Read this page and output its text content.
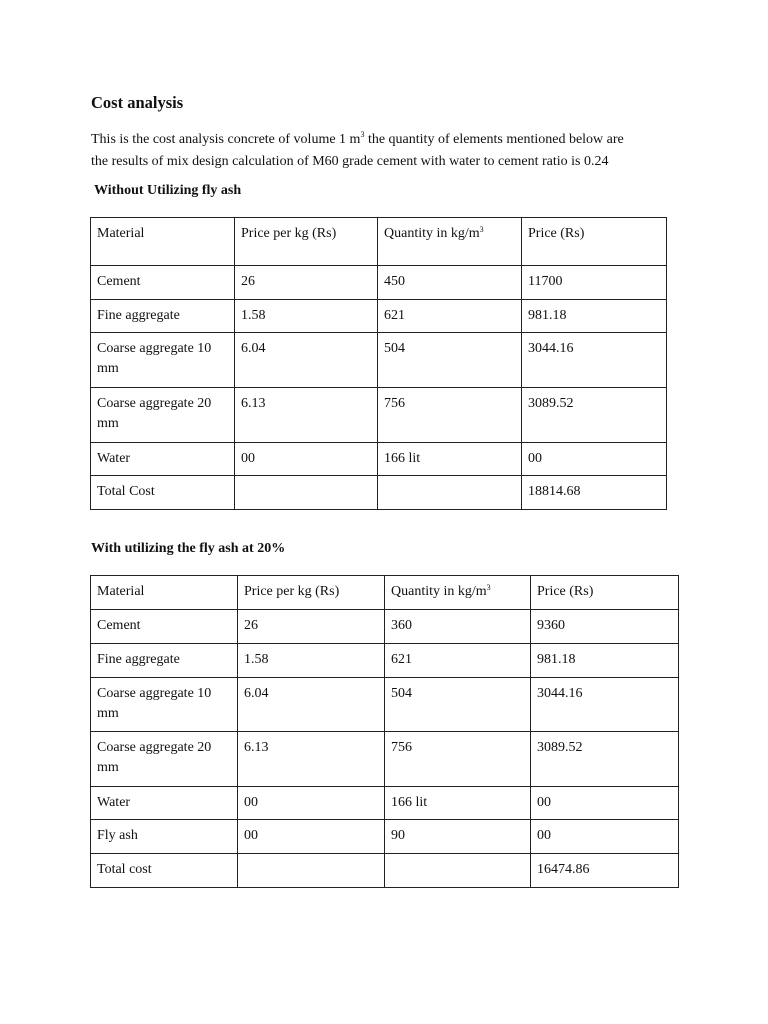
Cost analysis

This is the cost analysis concrete of volume 1 $m^3$ the quantity of elements mentioned below are
the results of mix design calculation of M60 grade cement with water to cement ratio is 0.24

Without Utilizing fly ash

Material	Price per kg (Rs)	Quantity in $kg/m^3$	Price (Rs)
Cement	26	450	11700
Fine aggregate	1.58	621	981.18
Coarse aggregate 10 mm	6.04	504	3044.16
Coarse aggregate 20 mm	6.13	756	3089.52
Water	00	166 lit	00
Total Cost			18814.68

With utilizing the fly ash at 20%

Material	Price per kg (Rs)	Quantity in $kg/m^3$	Price (Rs)
Cement	26	360	9360
Fine aggregate	1.58	621	981.18
Coarse aggregate 10 mm	6.04	504	3044.16
Coarse aggregate 20 mm	6.13	756	3089.52
Water	00	166 lit	00
Fly ash	00	90	00
Total cost			16474.86
